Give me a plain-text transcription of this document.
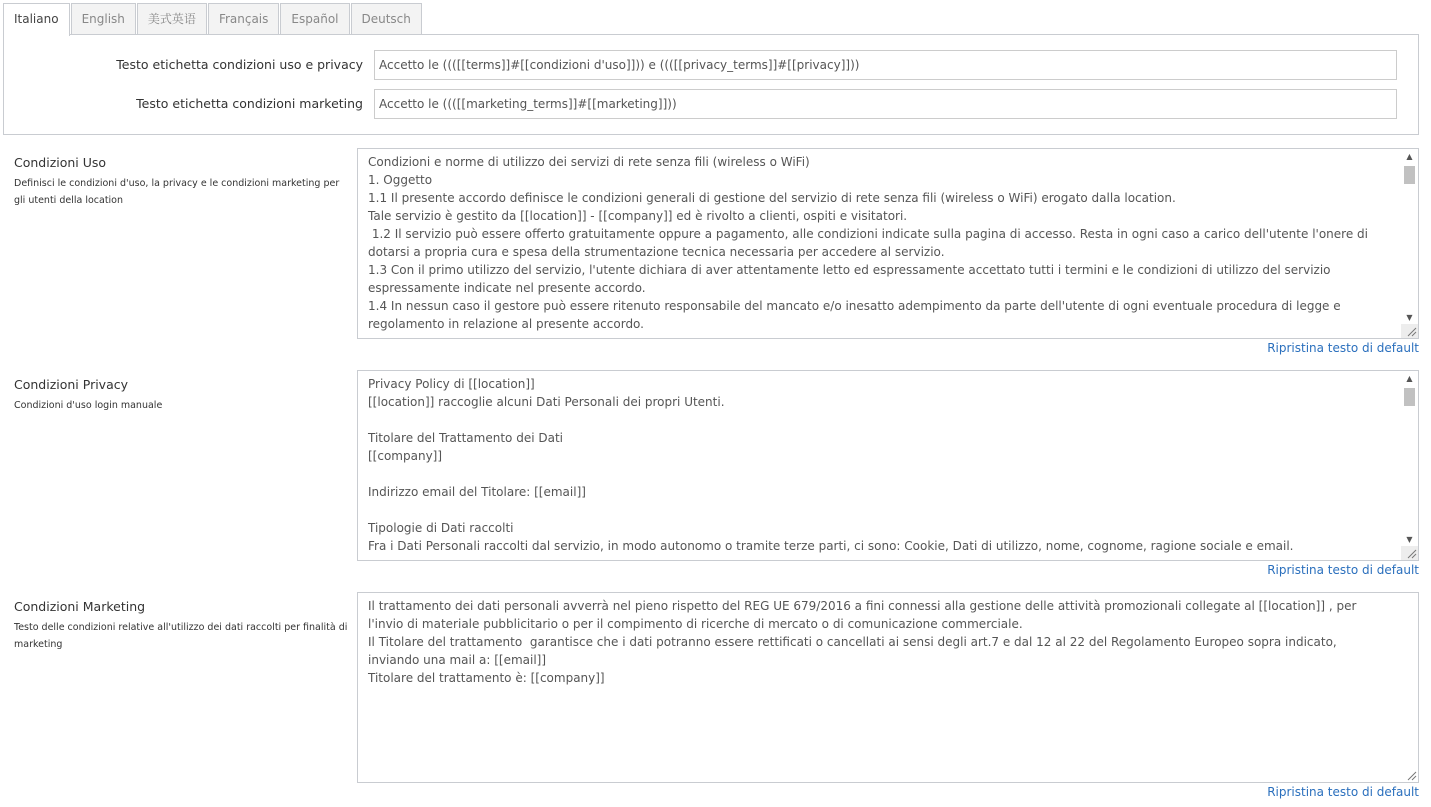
Italiano	English	美式英语	Français	Español	Deutsch
Testo etichetta condizioni uso e privacy
Accetto le ((([[terms]]#[[condizioni d'uso]])) e ((([[privacy_terms]]#[[privacy]]))
Testo etichetta condizioni marketing
Accetto le ((([[marketing_terms]]#[[marketing]]))
Condizioni Uso
Definisci le condizioni d'uso, la privacy e le condizioni marketing per gli utenti della location
Condizioni e norme di utilizzo dei servizi di rete senza fili (wireless o WiFi)
1. Oggetto
1.1 Il presente accordo definisce le condizioni generali di gestione del servizio di rete senza fili (wireless o WiFi) erogato dalla location.
Tale servizio è gestito da [[location]] - [[company]] ed è rivolto a clienti, ospiti e visitatori.
1.2 Il servizio può essere offerto gratuitamente oppure a pagamento, alle condizioni indicate sulla pagina di accesso. Resta in ogni caso a carico dell'utente l'onere di dotarsi a propria cura e spesa della strumentazione tecnica necessaria per accedere al servizio.
1.3 Con il primo utilizzo del servizio, l'utente dichiara di aver attentamente letto ed espressamente accettato tutti i termini e le condizioni di utilizzo del servizio espressamente indicate nel presente accordo.
1.4 In nessun caso il gestore può essere ritenuto responsabile del mancato e/o inesatto adempimento da parte dell'utente di ogni eventuale procedura di legge e regolamento in relazione al presente accordo.
▲
▼
Ripristina testo di default
Condizioni Privacy
Condizioni d'uso login manuale
Privacy Policy di [[location]]
[[location]] raccoglie alcuni Dati Personali dei propri Utenti.

Titolare del Trattamento dei Dati
[[company]]

Indirizzo email del Titolare: [[email]]

Tipologie di Dati raccolti
Fra i Dati Personali raccolti dal servizio, in modo autonomo o tramite terze parti, ci sono: Cookie, Dati di utilizzo, nome, cognome, ragione sociale e email.
▲
▼
Ripristina testo di default
Condizioni Marketing
Testo delle condizioni relative all'utilizzo dei dati raccolti per finalità di marketing
Il trattamento dei dati personali avverrà nel pieno rispetto del REG UE 679/2016 a fini connessi alla gestione delle attività promozionali collegate al [[location]] , per l'invio di materiale pubblicitario o per il compimento di ricerche di mercato o di comunicazione commerciale.
Il Titolare del trattamento  garantisce che i dati potranno essere rettificati o cancellati ai sensi degli art.7 e dal 12 al 22 del Regolamento Europeo sopra indicato, inviando una mail a: [[email]]
Titolare del trattamento è: [[company]]
Ripristina testo di default
